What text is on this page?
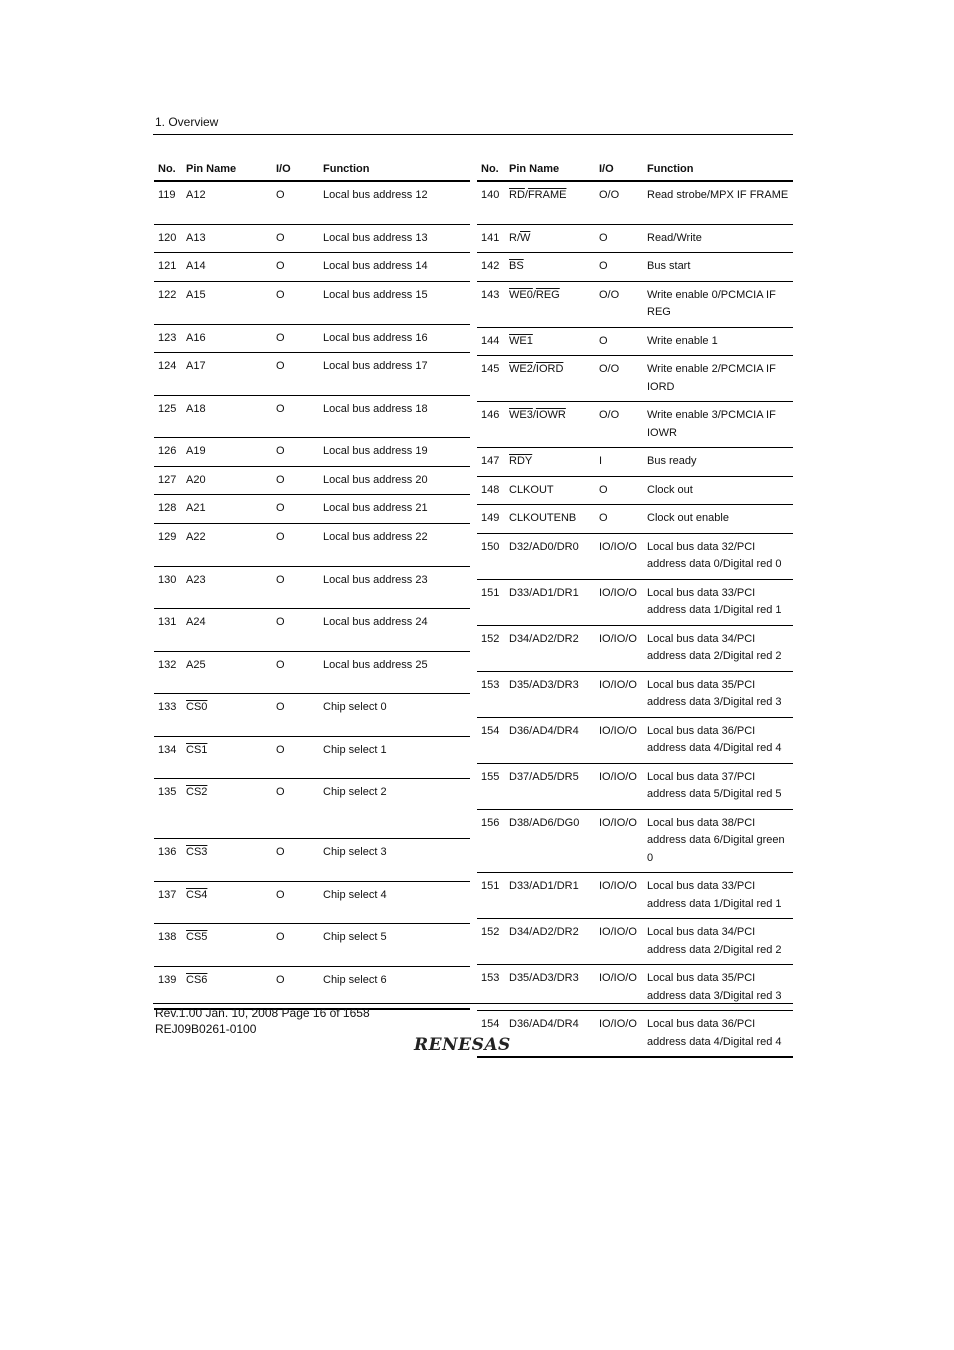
1. Overview
No.	Pin Name	I/O	Function
119	A12	O	Local bus address 12
120	A13	O	Local bus address 13
121	A14	O	Local bus address 14
122	A15	O	Local bus address 15
123	A16	O	Local bus address 16
124	A17	O	Local bus address 17
125	A18	O	Local bus address 18
126	A19	O	Local bus address 19
127	A20	O	Local bus address 20
128	A21	O	Local bus address 21
129	A22	O	Local bus address 22
130	A23	O	Local bus address 23
131	A24	O	Local bus address 24
132	A25	O	Local bus address 25
133	CS0	O	Chip select 0
134	CS1	O	Chip select 1
135	CS2	O	Chip select 2
136	CS3	O	Chip select 3
137	CS4	O	Chip select 4
138	CS5	O	Chip select 5
139	CS6	O	Chip select 6
No.	Pin Name	I/O	Function
140	$\overline{RD}$/FRAME	O/O	Read strobe/MPX IF FRAME
141	$R/\overline{W}$	O	Read/Write
142	$\overline{BS}$	O	Bus start
143	$WE0/\overline{REG}$	O/O	Write enable 0/PCMCIA IF REG
144	WE1	O	Write enable 1
145	WE2/IORD	O/O	Write enable 2/PCMCIA IF IORD
146	WE3/IOWR	O/O	Write enable 3/PCMCIA IF IOWR
147	$\overline{RDY}$	I	Bus ready
148	CLKOUT	O	Clock out
149	CLKOUTENB	O	Clock out enable
150	D32/AD0/DR0	IO/IO/O	Local bus data 32/PCI address data 0/Digital red 0
151	D33/AD1/DR1	IO/IO/O	Local bus data 33/PCI address data 1/Digital red 1
152	D34/AD2/DR2	IO/IO/O	Local bus data 34/PCI address data 2/Digital red 2
153	D35/AD3/DR3	IO/IO/O	Local bus data 35/PCI address data 3/Digital red 3
154	D36/AD4/DR4	IO/IO/O	Local bus data 36/PCI address data 4/Digital red 4
155	D37/AD5/DR5	IO/IO/O	Local bus data 37/PCI address data 5/Digital red 5
156	D38/AD6/DG0	IO/IO/O	Local bus data 38/PCI address data 6/Digital green 0
151	D33/AD1/DR1	IO/IO/O	Local bus data 33/PCI address data 1/Digital red 1
152	D34/AD2/DR2	IO/IO/O	Local bus data 34/PCI address data 2/Digital red 2
153	D35/AD3/DR3	IO/IO/O	Local bus data 35/PCI address data 3/Digital red 3
154	D36/AD4/DR4	IO/IO/O	Local bus data 36/PCI address data 4/Digital red 4
Rev.1.00 Jan. 10, 2008 Page 16 of 1658
REJ09B0261-0100
RENESAS
